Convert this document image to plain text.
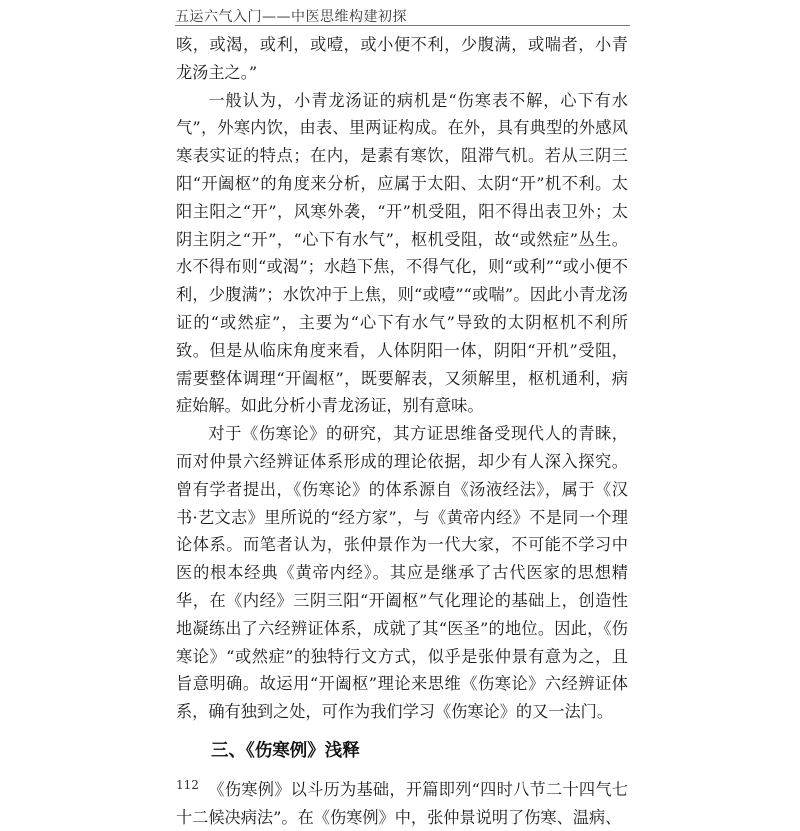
五运六气入门——中医思维构建初探

咳，或渴，或利，或噎，或小便不利，少腹满，或喘者，小青龙汤主之。”

一般认为，小青龙汤证的病机是“伤寒表不解，心下有水气”，外寒内饮，由表、里两证构成。在外，具有典型的外感风寒表实证的特点；在内，是素有寒饮，阻滞气机。若从三阴三阳“开阖枢”的角度来分析，应属于太阳、太阴“开”机不利。太阳主阳之“开”，风寒外袭，“开”机受阻，阳不得出表卫外；太阴主阴之“开”，“心下有水气”，枢机受阻，故“或然症”丛生。水不得布则“或渴”；水趋下焦，不得气化，则“或利”“或小便不利，少腹满”；水饮冲于上焦，则“或噎”“或喘”。因此小青龙汤证的“或然症”，主要为“心下有水气”导致的太阴枢机不利所致。但是从临床角度来看，人体阴阳一体，阴阳“开机”受阻，需要整体调理“开阖枢”，既要解表，又须解里，枢机通利，病症始解。如此分析小青龙汤证，别有意味。

对于《伤寒论》的研究，其方证思维备受现代人的青睐，而对仲景六经辨证体系形成的理论依据，却少有人深入探究。曾有学者提出，《伤寒论》的体系源自《汤液经法》，属于《汉书·艺文志》里所说的“经方家”，与《黄帝内经》不是同一个理论体系。而笔者认为，张仲景作为一代大家，不可能不学习中医的根本经典《黄帝内经》。其应是继承了古代医家的思想精华，在《内经》三阴三阳“开阖枢”气化理论的基础上，创造性地凝练出了六经辨证体系，成就了其“医圣”的地位。因此，《伤寒论》“或然症”的独特行文方式，似乎是张仲景有意为之，且旨意明确。故运用“开阖枢”理论来思维《伤寒论》六经辨证体系，确有独到之处，可作为我们学习《伤寒论》的又一法门。

三、《伤寒例》浅释

《伤寒例》以斗历为基础，开篇即列“四时八节二十四气七十二候决病法”。在《伤寒例》中，张仲景说明了伤寒、温病、

112
